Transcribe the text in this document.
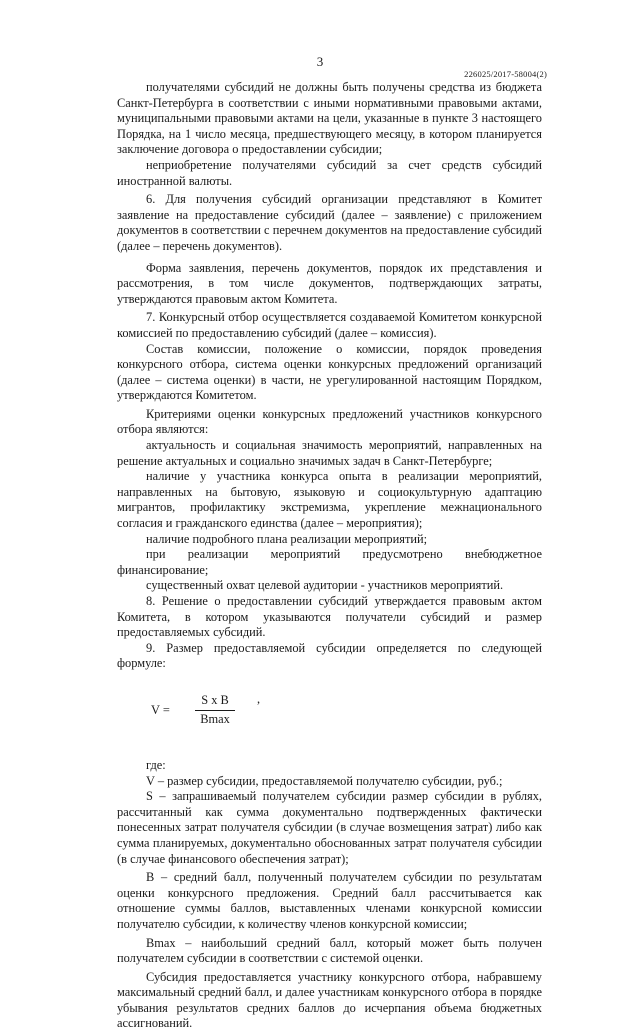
3
226025/2017-58004(2)

получателями субсидий не должны быть получены средства из бюджета Санкт-Петербурга в соответствии с иными нормативными правовыми актами, муниципальными правовыми актами на цели, указанные в пункте 3 настоящего Порядка, на 1 число месяца, предшествующего месяцу, в котором планируется заключение договора о предоставлении субсидии;

неприобретение получателями субсидий за счет средств субсидий иностранной валюты.

6. Для получения субсидий организации представляют в Комитет заявление на предоставление субсидий (далее – заявление) с приложением документов в соответствии с перечнем документов на предоставление субсидий (далее – перечень документов).

Форма заявления, перечень документов, порядок их представления и рассмотрения, в том числе документов, подтверждающих затраты, утверждаются правовым актом Комитета.

7. Конкурсный отбор осуществляется создаваемой Комитетом конкурсной комиссией по предоставлению субсидий (далее – комиссия).

Состав комиссии, положение о комиссии, порядок проведения конкурсного отбора, система оценки конкурсных предложений организаций (далее – система оценки) в части, не урегулированной настоящим Порядком, утверждаются Комитетом.

Критериями оценки конкурсных предложений участников конкурсного отбора являются:

актуальность и социальная значимость мероприятий, направленных на решение актуальных и социально значимых задач в Санкт-Петербурге;

наличие у участника конкурса опыта в реализации мероприятий, направленных на бытовую, языковую и социокультурную адаптацию мигрантов, профилактику экстремизма, укрепление межнационального согласия и гражданского единства (далее – мероприятия);

наличие подробного плана реализации мероприятий;

при реализации мероприятий предусмотрено внебюджетное финансирование;

существенный охват целевой аудитории - участников мероприятий.

8. Решение о предоставлении субсидий утверждается правовым актом Комитета, в котором указываются получатели субсидий и размер предоставляемых субсидий.

9. Размер предоставляемой субсидии определяется по следующей формуле:

V =
S x B
Bmax
,

где:

V – размер субсидии, предоставляемой получателю субсидии, руб.;

S – запрашиваемый получателем субсидии размер субсидии в рублях, рассчитанный как сумма документально подтвержденных фактически понесенных затрат получателя субсидии (в случае возмещения затрат) либо как сумма планируемых, документально обоснованных затрат получателя субсидии (в случае финансового обеспечения затрат);

B – средний балл, полученный получателем субсидии по результатам оценки конкурсного предложения. Средний балл рассчитывается как отношение суммы баллов, выставленных членами конкурсной комиссии получателю субсидии, к количеству членов конкурсной комиссии;

Bmax – наибольший средний балл, который может быть получен получателем субсидии в соответствии с системой оценки.

Субсидия предоставляется участнику конкурсного отбора, набравшему максимальный средний балл, и далее участникам конкурсного отбора в порядке убывания результатов средних баллов до исчерпания объема бюджетных ассигнований.
